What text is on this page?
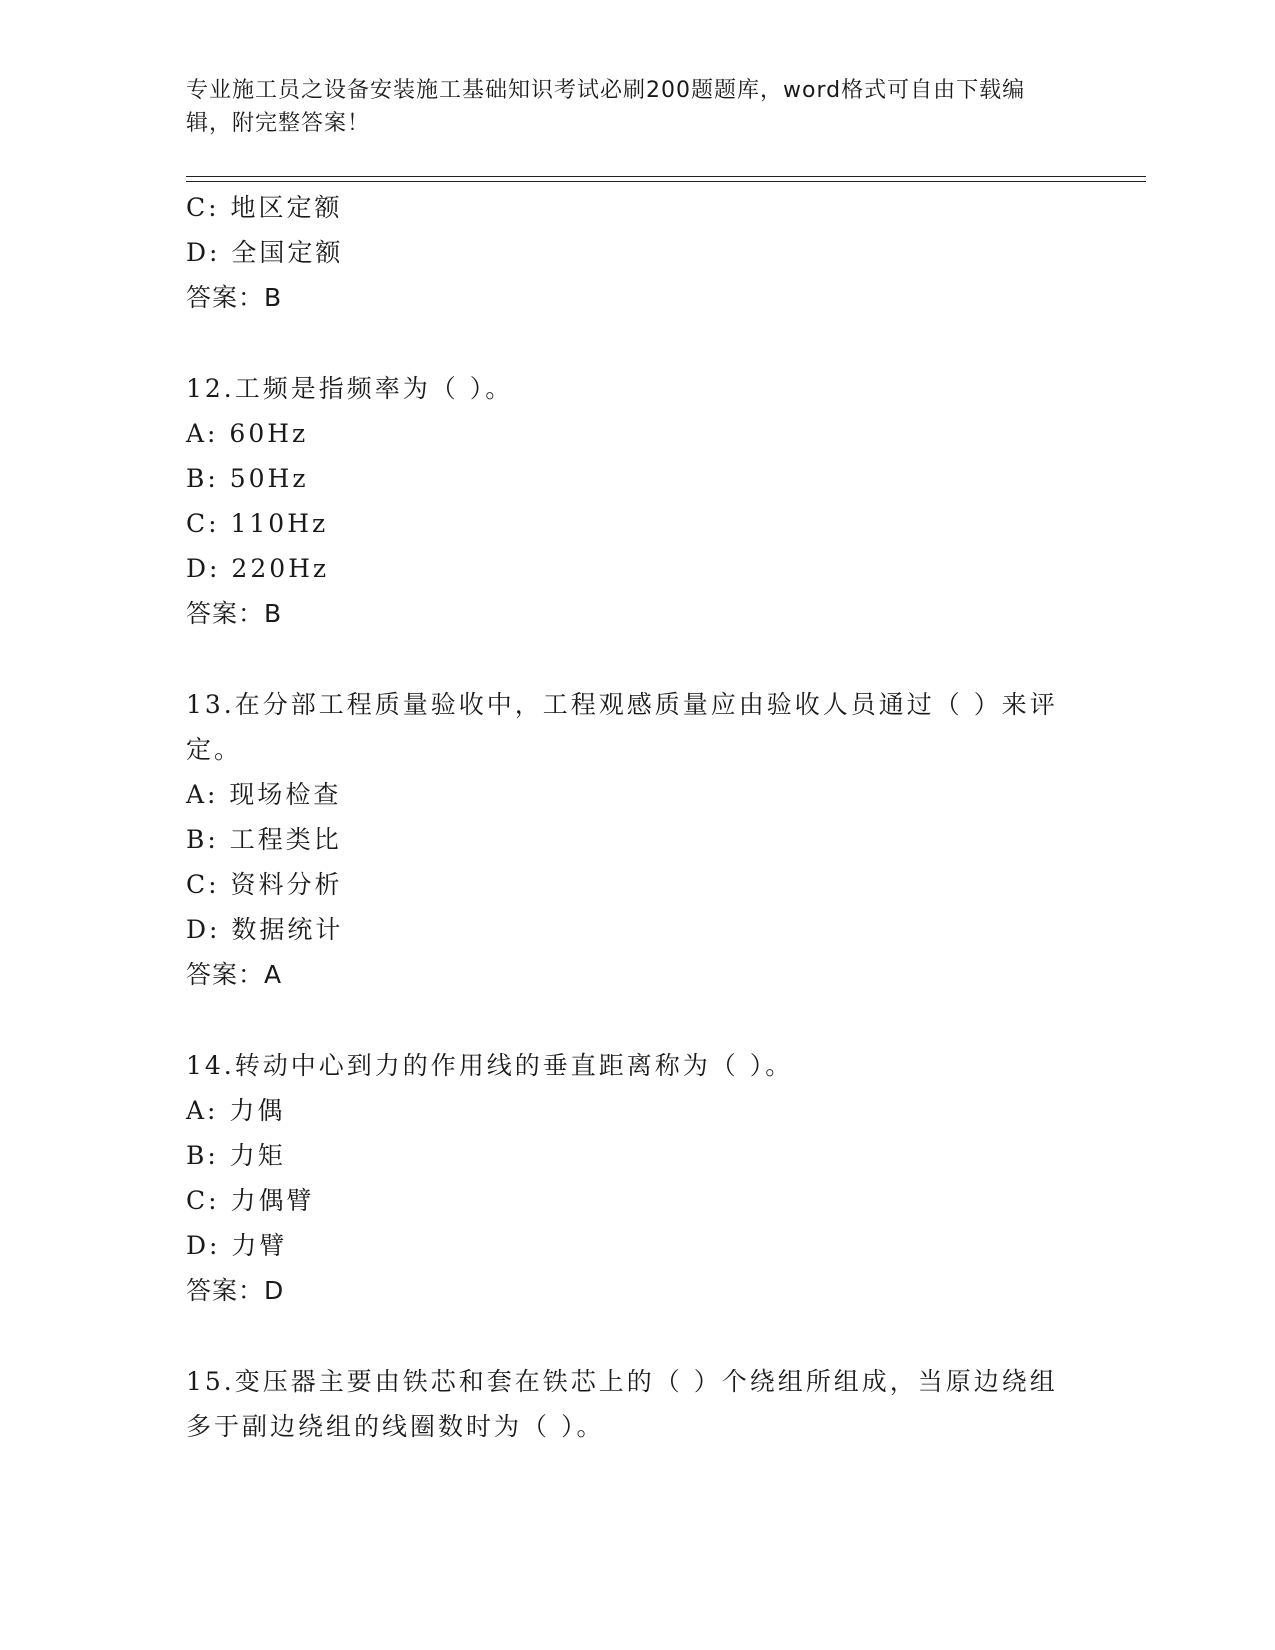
专业施工员之设备安装施工基础知识考试必刷200题题库，word格式可自由下载编辑，附完整答案！
C: 地区定额
D: 全国定额
答案：B
12.工频是指频率为（ ）。
A: 60Hz
B: 50Hz
C: 110Hz
D: 220Hz
答案：B
13.在分部工程质量验收中，工程观感质量应由验收人员通过（ ）来评定。
A: 现场检查
B: 工程类比
C: 资料分析
D: 数据统计
答案：A
14.转动中心到力的作用线的垂直距离称为（ ）。
A: 力偶
B: 力矩
C: 力偶臂
D: 力臂
答案：D
15.变压器主要由铁芯和套在铁芯上的（ ）个绕组所组成，当原边绕组多于副边绕组的线圈数时为（ ）。
